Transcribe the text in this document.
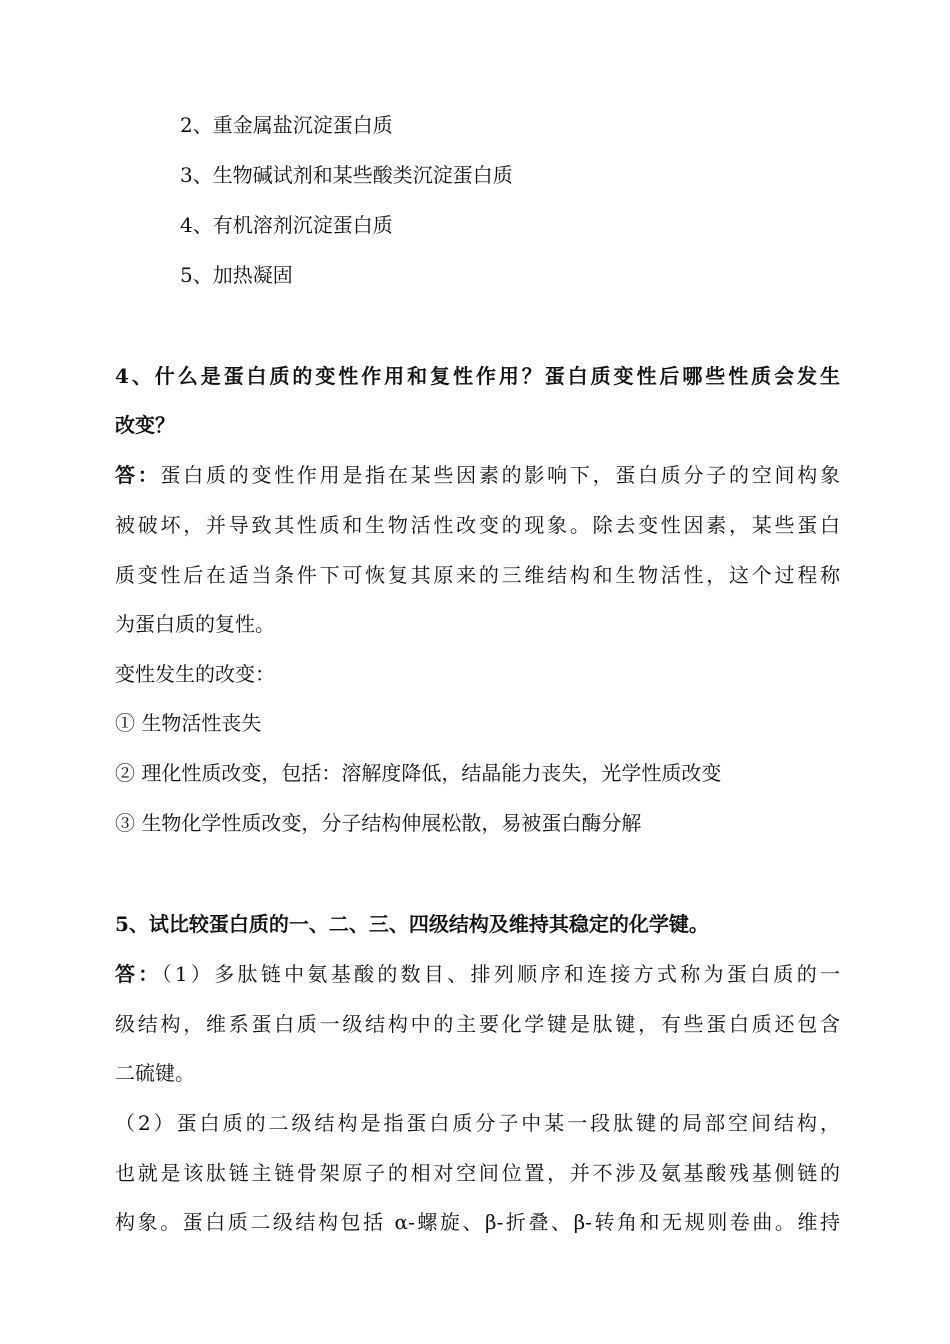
2、重金属盐沉淀蛋白质
3、生物碱试剂和某些酸类沉淀蛋白质
4、有机溶剂沉淀蛋白质
5、加热凝固
4、什么是蛋白质的变性作用和复性作用？蛋白质变性后哪些性质会发生
改变？
答：蛋白质的变性作用是指在某些因素的影响下，蛋白质分子的空间构象
被破坏，并导致其性质和生物活性改变的现象。除去变性因素，某些蛋白
质变性后在适当条件下可恢复其原来的三维结构和生物活性，这个过程称
为蛋白质的复性。
变性发生的改变：
① 生物活性丧失
② 理化性质改变，包括：溶解度降低，结晶能力丧失，光学性质改变
③ 生物化学性质改变，分子结构伸展松散，易被蛋白酶分解
5、试比较蛋白质的一、二、三、四级结构及维持其稳定的化学键。
答：（1）多肽链中氨基酸的数目、排列顺序和连接方式称为蛋白质的一
级结构，维系蛋白质一级结构中的主要化学键是肽键，有些蛋白质还包含
二硫键。
（2）蛋白质的二级结构是指蛋白质分子中某一段肽键的局部空间结构，
也就是该肽链主链骨架原子的相对空间位置，并不涉及氨基酸残基侧链的
构象。蛋白质二级结构包括 α-螺旋、β-折叠、β-转角和无规则卷曲。维持
